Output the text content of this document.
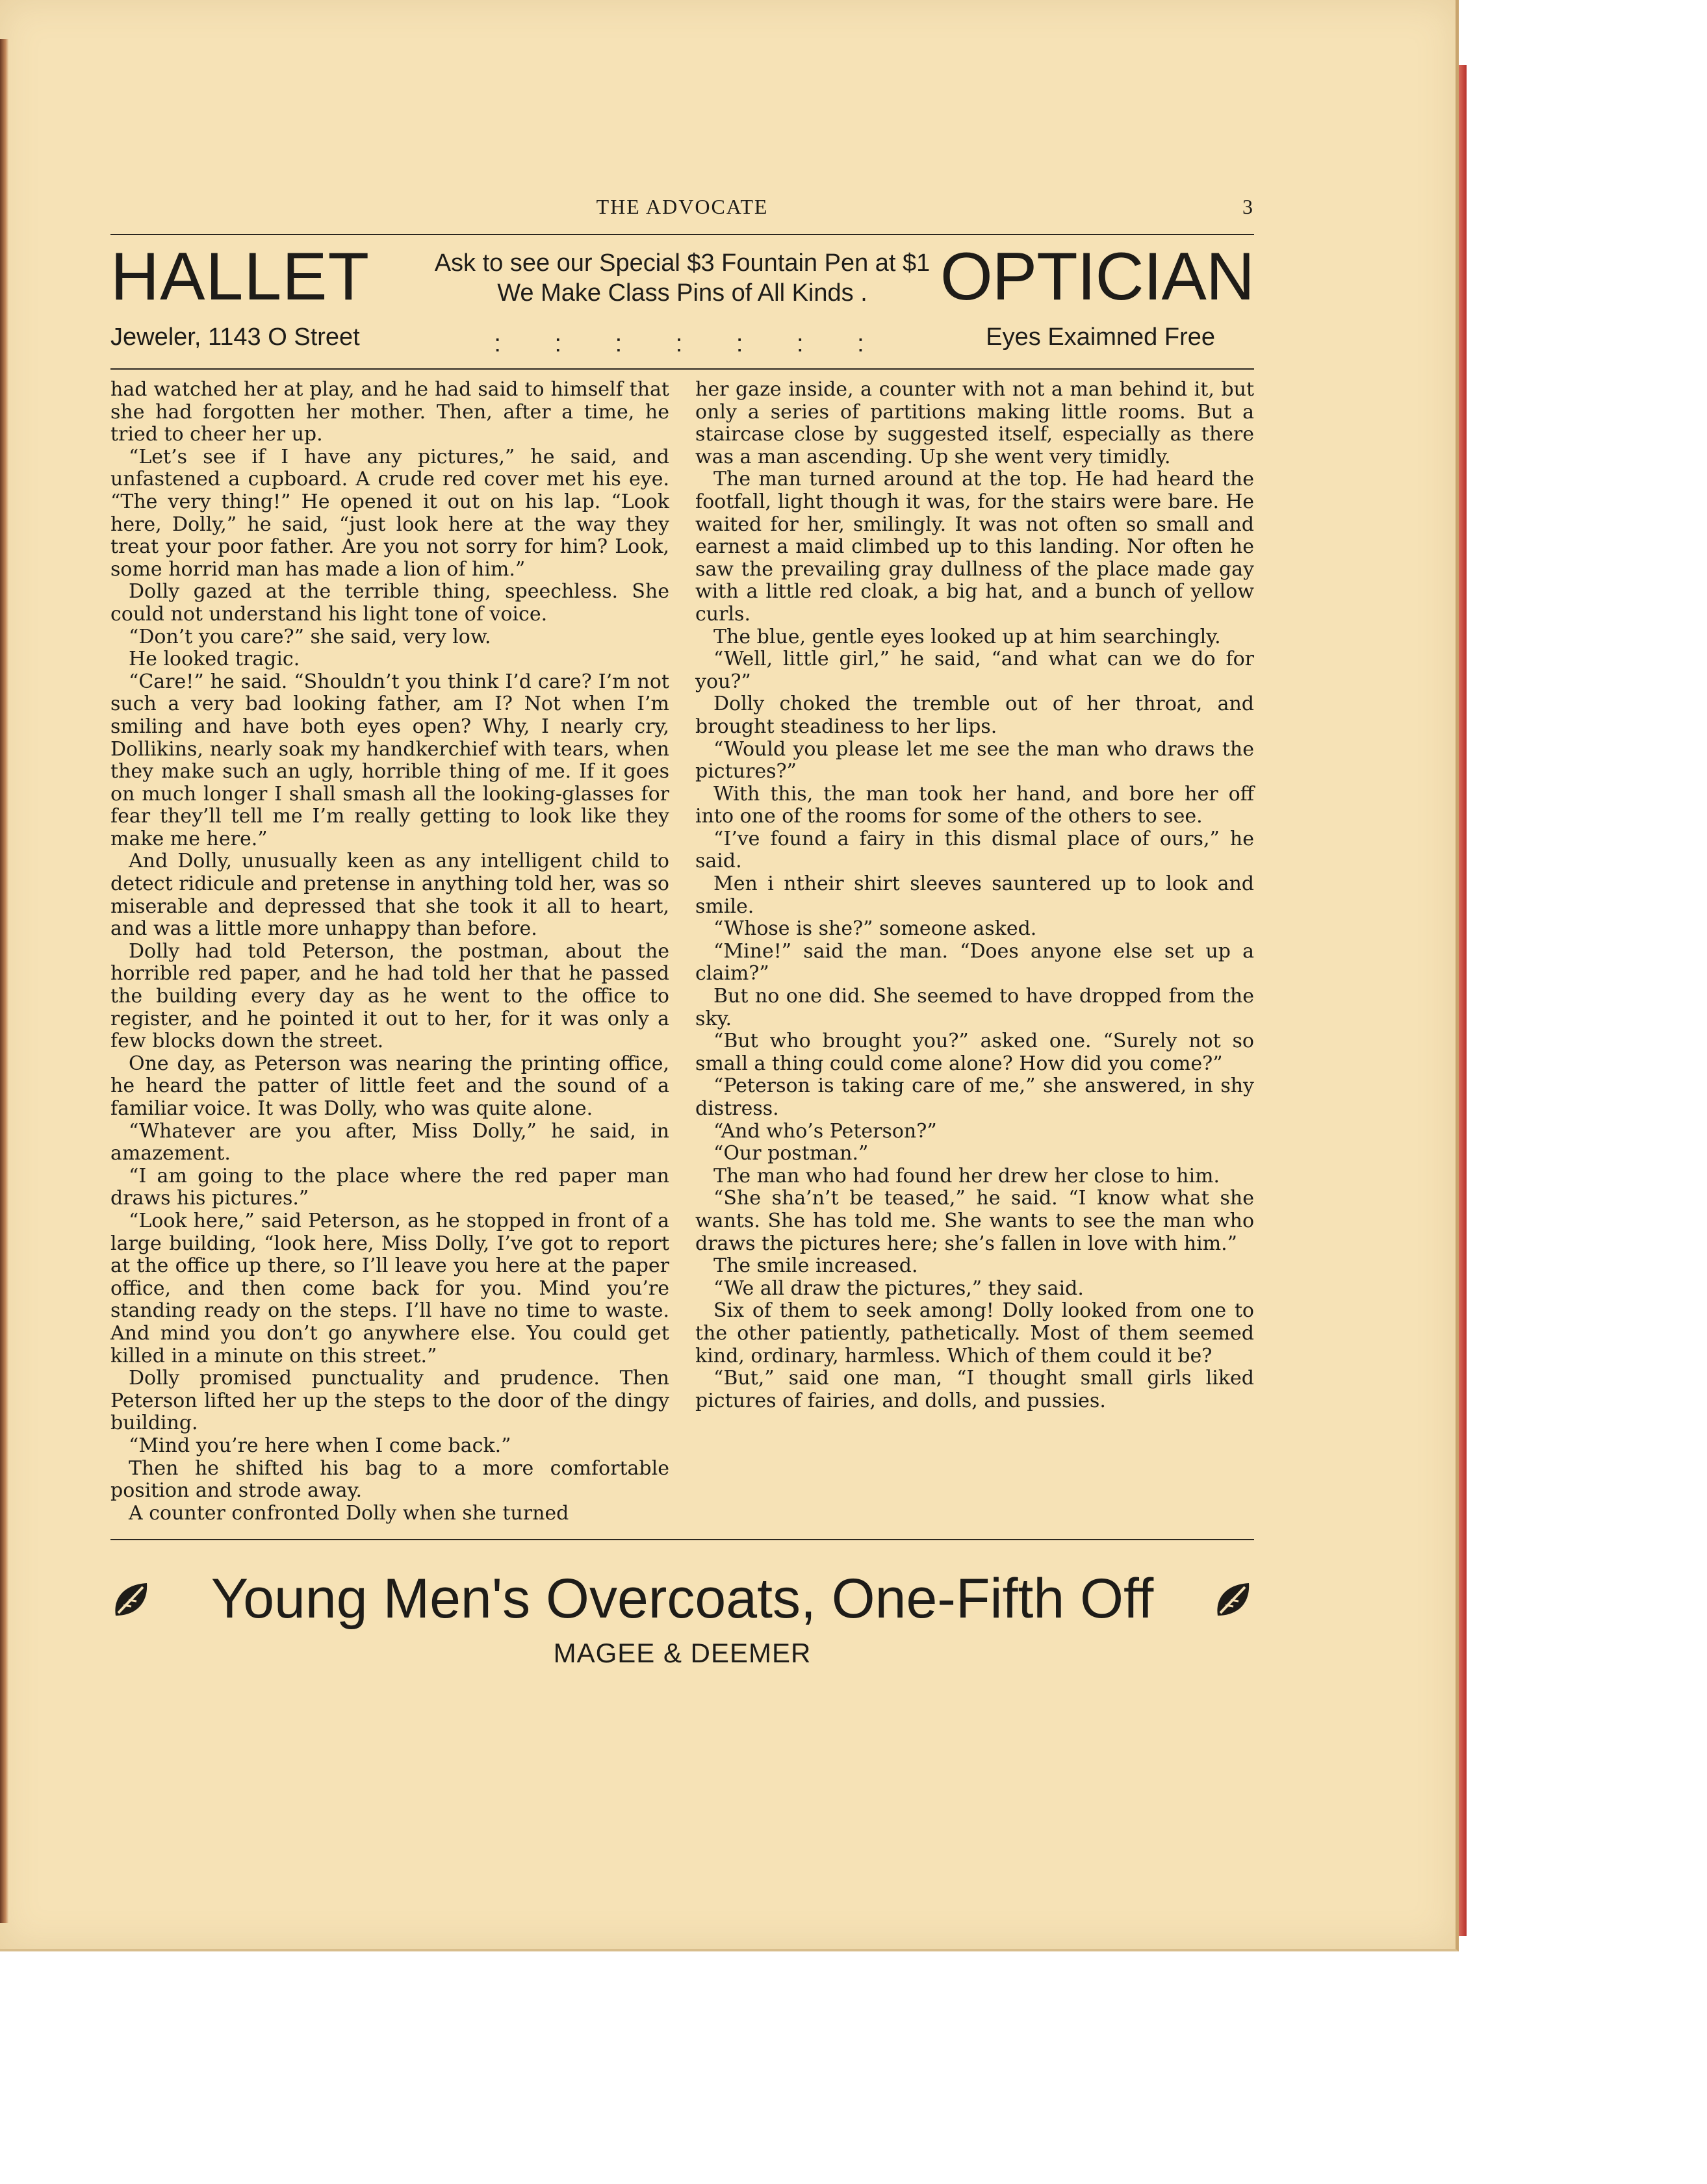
THE ADVOCATE	3
HALLET
Jeweler, 1143 O Street
Ask to see our Special $3 Fountain Pen at $1
We Make Class Pins of All Kinds .
: : : : : : :
OPTICIAN
Eyes Exaimned Free

had watched her at play, and he had said to himself that she had forgotten her mother. Then, after a time, he tried to cheer her up.

“Let’s see if I have any pictures,” he said, and unfastened a cupboard. A crude red cover met his eye. “The very thing!” He opened it out on his lap. “Look here, Dolly,” he said, “just look here at the way they treat your poor father. Are you not sorry for him? Look, some horrid man has made a lion of him.”

Dolly gazed at the terrible thing, speechless. She could not understand his light tone of voice.

“Don’t you care?” she said, very low.

He looked tragic.

“Care!” he said. “Shouldn’t you think I’d care? I’m not such a very bad looking father, am I? Not when I’m smiling and have both eyes open? Why, I nearly cry, Dollikins, nearly soak my handkerchief with tears, when they make such an ugly, horrible thing of me. If it goes on much longer I shall smash all the looking-glasses for fear they’ll tell me I’m really getting to look like they make me here.”

And Dolly, unusually keen as any intelligent child to detect ridicule and pretense in anything told her, was so miserable and depressed that she took it all to heart, and was a little more unhappy than before.

Dolly had told Peterson, the postman, about the horrible red paper, and he had told her that he passed the building every day as he went to the office to register, and he pointed it out to her, for it was only a few blocks down the street.

One day, as Peterson was nearing the printing office, he heard the patter of little feet and the sound of a familiar voice. It was Dolly, who was quite alone.

“Whatever are you after, Miss Dolly,” he said, in amazement.

“I am going to the place where the red paper man draws his pictures.”

“Look here,” said Peterson, as he stopped in front of a large building, “look here, Miss Dolly, I’ve got to report at the office up there, so I’ll leave you here at the paper office, and then come back for you. Mind you’re standing ready on the steps. I’ll have no time to waste. And mind you don’t go anywhere else. You could get killed in a minute on this street.”

Dolly promised punctuality and prudence. Then Peterson lifted her up the steps to the door of the dingy building.

“Mind you’re here when I come back.”

Then he shifted his bag to a more comfortable position and strode away.

A counter confronted Dolly when she turned

her gaze inside, a counter with not a man behind it, but only a series of partitions making little rooms. But a staircase close by suggested itself, especially as there was a man ascending. Up she went very timidly.

The man turned around at the top. He had heard the footfall, light though it was, for the stairs were bare. He waited for her, smilingly. It was not often so small and earnest a maid climbed up to this landing. Nor often he saw the prevailing gray dullness of the place made gay with a little red cloak, a big hat, and a bunch of yellow curls.

The blue, gentle eyes looked up at him searchingly.

“Well, little girl,” he said, “and what can we do for you?”

Dolly choked the tremble out of her throat, and brought steadiness to her lips.

“Would you please let me see the man who draws the pictures?”

With this, the man took her hand, and bore her off into one of the rooms for some of the others to see.

“I’ve found a fairy in this dismal place of ours,” he said.

Men i ntheir shirt sleeves sauntered up to look and smile.

“Whose is she?” someone asked.

“Mine!” said the man. “Does anyone else set up a claim?”

But no one did. She seemed to have dropped from the sky.

“But who brought you?” asked one. “Surely not so small a thing could come alone? How did you come?”

“Peterson is taking care of me,” she answered, in shy distress.

“And who’s Peterson?”

“Our postman.”

The man who had found her drew her close to him.

“She sha’n’t be teased,” he said. “I know what she wants. She has told me. She wants to see the man who draws the pictures here; she’s fallen in love with him.”

The smile increased.

“We all draw the pictures,” they said.

Six of them to seek among! Dolly looked from one to the other patiently, pathetically. Most of them seemed kind, ordinary, harmless. Which of them could it be?

“But,” said one man, “I thought small girls liked pictures of fairies, and dolls, and pussies.

Young Men's Overcoats, One-Fifth Off
MAGEE & DEEMER
